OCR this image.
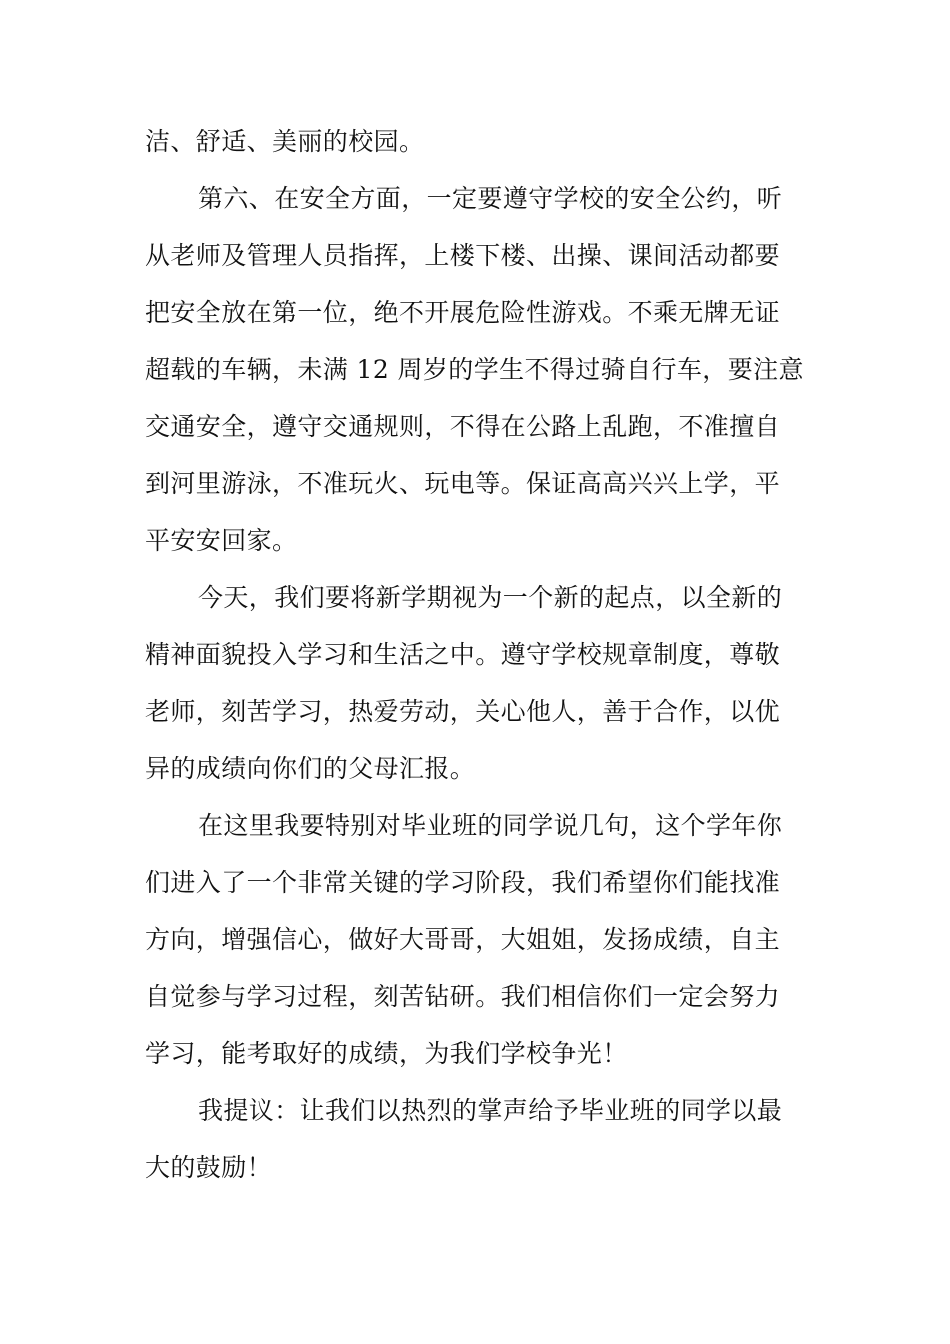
洁、舒适、美丽的校园。
第六、在安全方面，一定要遵守学校的安全公约，听
从老师及管理人员指挥，上楼下楼、出操、课间活动都要
把安全放在第一位，绝不开展危险性游戏。不乘无牌无证
超载的车辆，未满 12 周岁的学生不得过骑自行车，要注意
交通安全，遵守交通规则，不得在公路上乱跑，不准擅自
到河里游泳，不准玩火、玩电等。保证高高兴兴上学，平
平安安回家。
今天，我们要将新学期视为一个新的起点，以全新的
精神面貌投入学习和生活之中。遵守学校规章制度，尊敬
老师，刻苦学习，热爱劳动，关心他人，善于合作，以优
异的成绩向你们的父母汇报。
在这里我要特别对毕业班的同学说几句，这个学年你
们进入了一个非常关键的学习阶段，我们希望你们能找准
方向，增强信心，做好大哥哥，大姐姐，发扬成绩，自主
自觉参与学习过程，刻苦钻研。我们相信你们一定会努力
学习，能考取好的成绩，为我们学校争光！
我提议：让我们以热烈的掌声给予毕业班的同学以最
大的鼓励！
